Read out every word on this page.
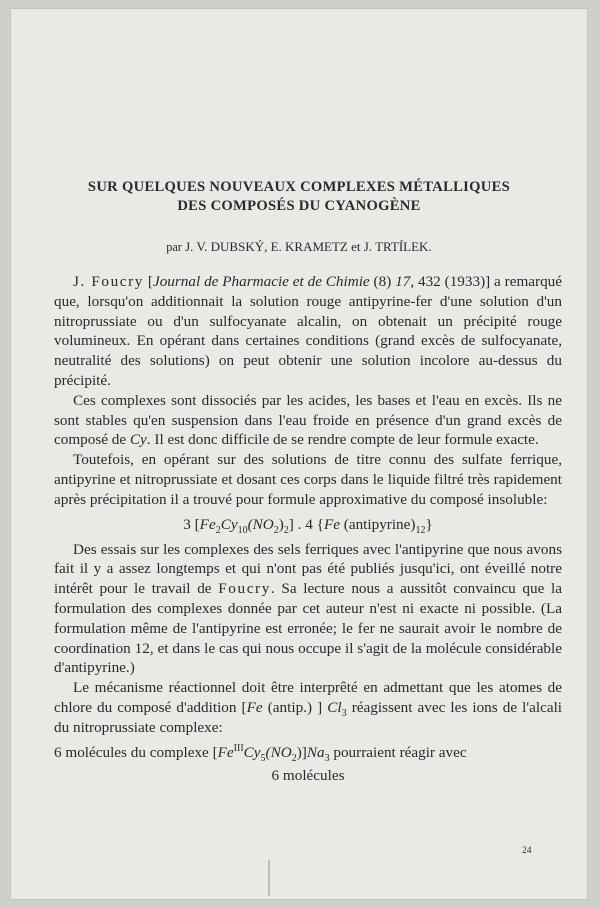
SUR QUELQUES NOUVEAUX COMPLEXES MÉTALLIQUES
DES COMPOSÉS DU CYANOGÈNE
par J. V. DUBSKÝ, E. KRAMETZ et J. TRTÍLEK.

J. Foucry [Journal de Pharmacie et de Chimie (8) 17, 432 (1933)] a remarqué que, lorsqu'on additionnait la solution rouge antipyrine-fer d'une solution d'un nitroprussiate ou d'un sulfocyanate alcalin, on obtenait un précipité rouge volumineux. En opérant dans certaines conditions (grand excès de sulfocyanate, neutralité des solutions) on peut obtenir une solution incolore au-dessus du précipité.

Ces complexes sont dissociés par les acides, les bases et l'eau en excès. Ils ne sont stables qu'en suspension dans l'eau froide en présence d'un grand excès de composé de Cy. Il est donc difficile de se rendre compte de leur formule exacte.

Toutefois, en opérant sur des solutions de titre connu des sulfate ferrique, antipyrine et nitroprussiate et dosant ces corps dans le liquide filtré très rapidement après précipitation il a trouvé pour formule approximative du composé insoluble:

3 $[Fe_2Cy_{10}(NO_2)_2]$ . 4 {Fe $(antipyrine)_{12}$}

Des essais sur les complexes des sels ferriques avec l'antipyrine que nous avons fait il y a assez longtemps et qui n'ont pas été publiés jusqu'ici, ont éveillé notre intérêt pour le travail de Foucry. Sa lecture nous a aussitôt convaincu que la formulation des complexes donnée par cet auteur n'est ni exacte ni possible. (La formulation même de l'antipyrine est erronée; le fer ne saurait avoir le nombre de coordination 12, et dans le cas qui nous occupe il s'agit de la molécule considérable d'antipyrine.)

Le mécanisme réactionnel doit être interprêté en admettant que les atomes de chlore du composé d'addition [Fe (antip.) ] $Cl_3$ réagissent avec les ions de l'alcali du nitroprussiate complexe:

6 molécules du complexe $[Fe^{III}Cy_5(NO_2)]Na_3$ pourraient réagir avec

6 molécules
24
